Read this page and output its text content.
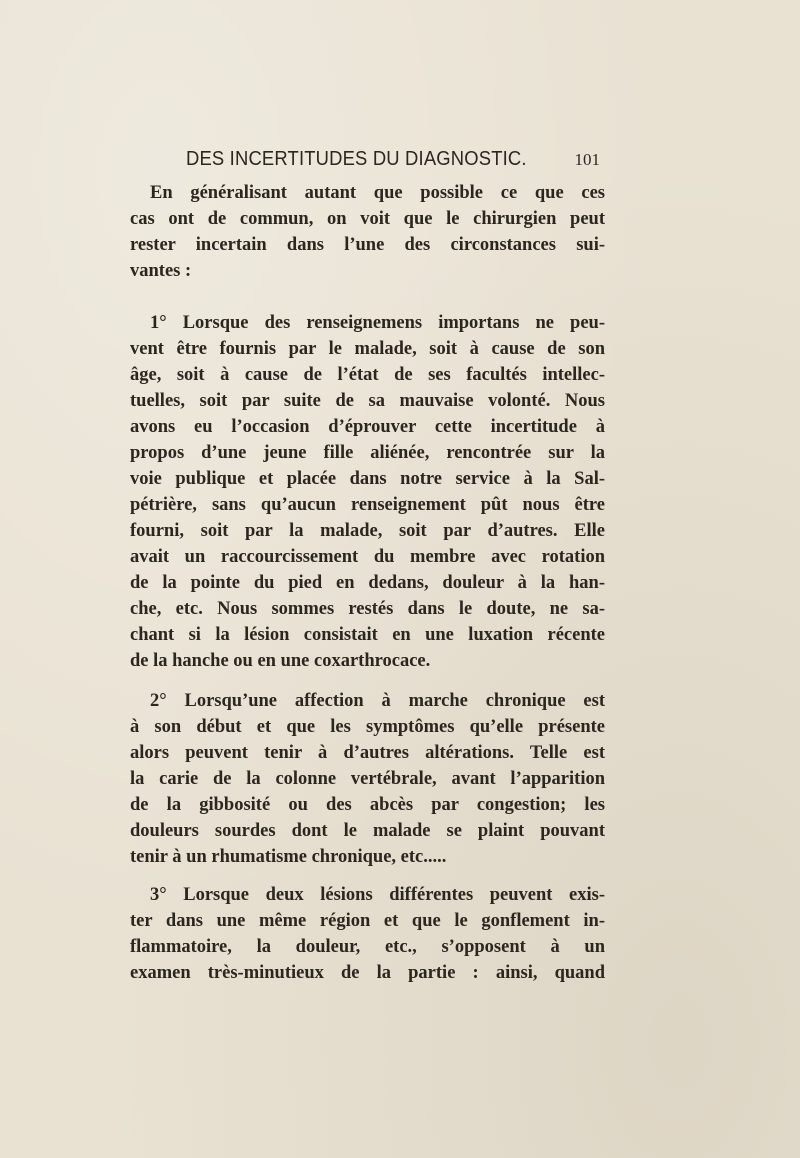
DES INCERTITUDES DU DIAGNOSTIC.	101
En généralisant autant que possible ce que ces
cas ont de commun, on voit que le chirurgien peut
rester incertain dans l’une des circonstances sui-
vantes :
1° Lorsque des renseignemens importans ne peu-
vent être fournis par le malade, soit à cause de son
âge, soit à cause de l’état de ses facultés intellec-
tuelles, soit par suite de sa mauvaise volonté. Nous
avons eu l’occasion d’éprouver cette incertitude à
propos d’une jeune fille aliénée, rencontrée sur la
voie publique et placée dans notre service à la Sal-
pétrière, sans qu’aucun renseignement pût nous être
fourni, soit par la malade, soit par d’autres. Elle
avait un raccourcissement du membre avec rotation
de la pointe du pied en dedans, douleur à la han-
che, etc. Nous sommes restés dans le doute, ne sa-
chant si la lésion consistait en une luxation récente
de la hanche ou en une coxarthrocace.
2° Lorsqu’une affection à marche chronique est
à son début et que les symptômes qu’elle présente
alors peuvent tenir à d’autres altérations. Telle est
la carie de la colonne vertébrale, avant l’apparition
de la gibbosité ou des abcès par congestion; les
douleurs sourdes dont le malade se plaint pouvant
tenir à un rhumatisme chronique, etc.....
3° Lorsque deux lésions différentes peuvent exis-
ter dans une même région et que le gonflement in-
flammatoire, la douleur, etc., s’opposent à un
examen très-minutieux de la partie : ainsi, quand
